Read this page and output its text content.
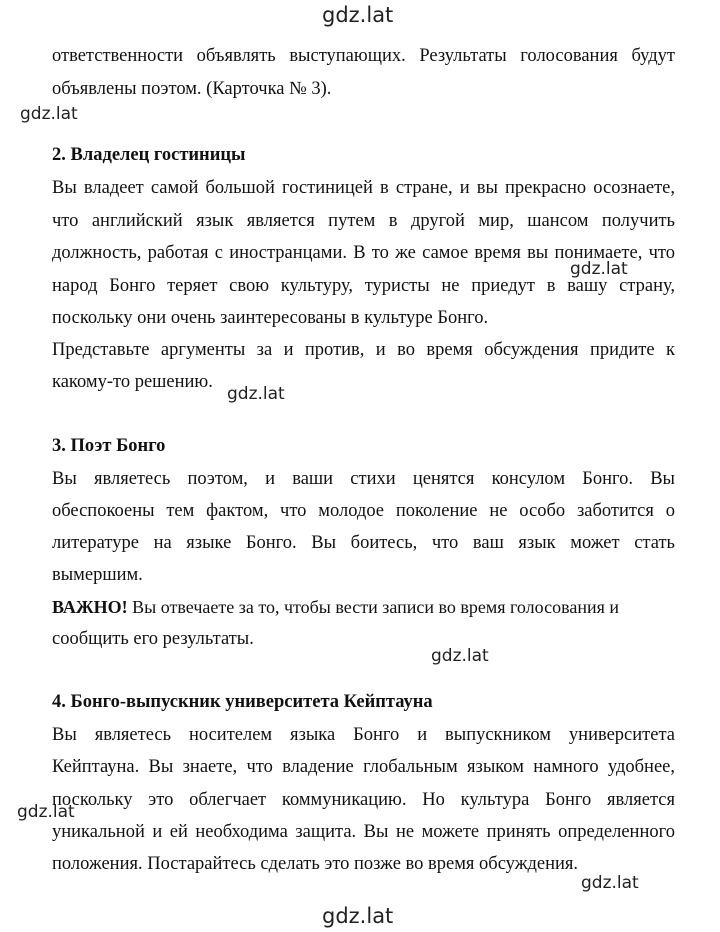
gdz.lat
gdz.lat
gdz.lat
gdz.lat
gdz.lat
gdz.lat
gdz.lat
gdz.lat
ответственности объявлять выступающих. Результаты голосования будут
объявлены поэтом. (Карточка № 3).
2. Владелец гостиницы
Вы владеет самой большой гостиницей в стране, и вы прекрасно осознаете,
что английский язык является путем в другой мир, шансом получить
должность, работая с иностранцами. В то же самое время вы понимаете, что
народ Бонго теряет свою культуру, туристы не приедут в вашу страну,
поскольку они очень заинтересованы в культуре Бонго.
Представьте аргументы за и против, и во время обсуждения придите к
какому-то решению.
3. Поэт Бонго
Вы являетесь поэтом, и ваши стихи ценятся консулом Бонго. Вы
обеспокоены тем фактом, что молодое поколение не особо заботится о
литературе на языке Бонго. Вы боитесь, что ваш язык может стать
вымершим.
ВАЖНО! Вы отвечаете за то, чтобы вести записи во время голосования и
сообщить его результаты.
4. Бонго-выпускник университета Кейптауна
Вы являетесь носителем языка Бонго и выпускником университета
Кейптауна. Вы знаете, что владение глобальным языком намного удобнее,
поскольку это облегчает коммуникацию. Но культура Бонго является
уникальной и ей необходима защита. Вы не можете принять определенного
положения. Постарайтесь сделать это позже во время обсуждения.
